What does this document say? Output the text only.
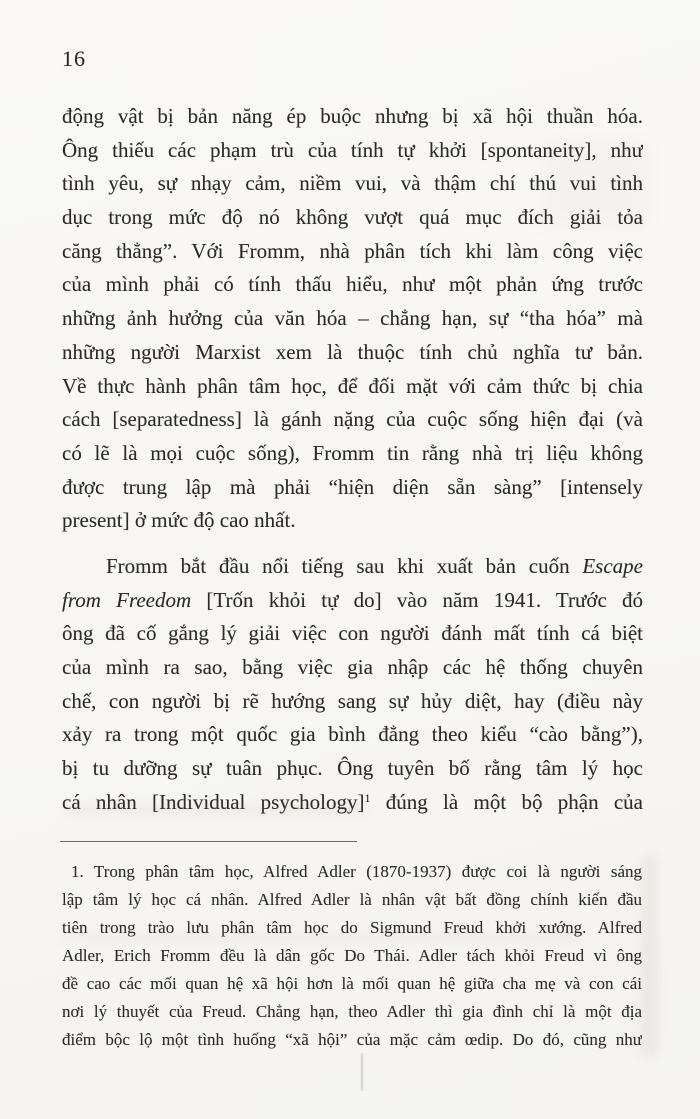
16
động vật bị bản năng ép buộc nhưng bị xã hội thuần hóa.
Ông thiếu các phạm trù của tính tự khởi [spontaneity], như
tình yêu, sự nhạy cảm, niềm vui, và thậm chí thú vui tình
dục trong mức độ nó không vượt quá mục đích giải tỏa
căng thẳng”. Với Fromm, nhà phân tích khi làm công việc
của mình phải có tính thấu hiểu, như một phản ứng trước
những ảnh hưởng của văn hóa – chẳng hạn, sự “tha hóa” mà
những người Marxist xem là thuộc tính chủ nghĩa tư bản.
Về thực hành phân tâm học, để đối mặt với cảm thức bị chia
cách [separatedness] là gánh nặng của cuộc sống hiện đại (và
có lẽ là mọi cuộc sống), Fromm tin rằng nhà trị liệu không
được trung lập mà phải “hiện diện sẵn sàng” [intensely
present] ở mức độ cao nhất.
Fromm bắt đầu nổi tiếng sau khi xuất bản cuốn Escape
from Freedom [Trốn khỏi tự do] vào năm 1941. Trước đó
ông đã cố gắng lý giải việc con người đánh mất tính cá biệt
của mình ra sao, bằng việc gia nhập các hệ thống chuyên
chế, con người bị rẽ hướng sang sự hủy diệt, hay (điều này
xảy ra trong một quốc gia bình đẳng theo kiểu “cào bằng”),
bị tu dưỡng sự tuân phục. Ông tuyên bố rằng tâm lý học
cá nhân [Individual psychology]$^1$ đúng là một bộ phận của
1. Trong phân tâm học, Alfred Adler (1870-1937) được coi là người sáng
lập tâm lý học cá nhân. Alfred Adler là nhân vật bất đồng chính kiến đầu
tiên trong trào lưu phân tâm học do Sigmund Freud khởi xướng. Alfred
Adler, Erich Fromm đều là dân gốc Do Thái. Adler tách khỏi Freud vì ông
đề cao các mối quan hệ xã hội hơn là mối quan hệ giữa cha mẹ và con cái
nơi lý thuyết của Freud. Chẳng hạn, theo Adler thì gia đình chỉ là một địa
điểm bộc lộ một tình huống “xã hội” của mặc cảm œdip. Do đó, cũng như
